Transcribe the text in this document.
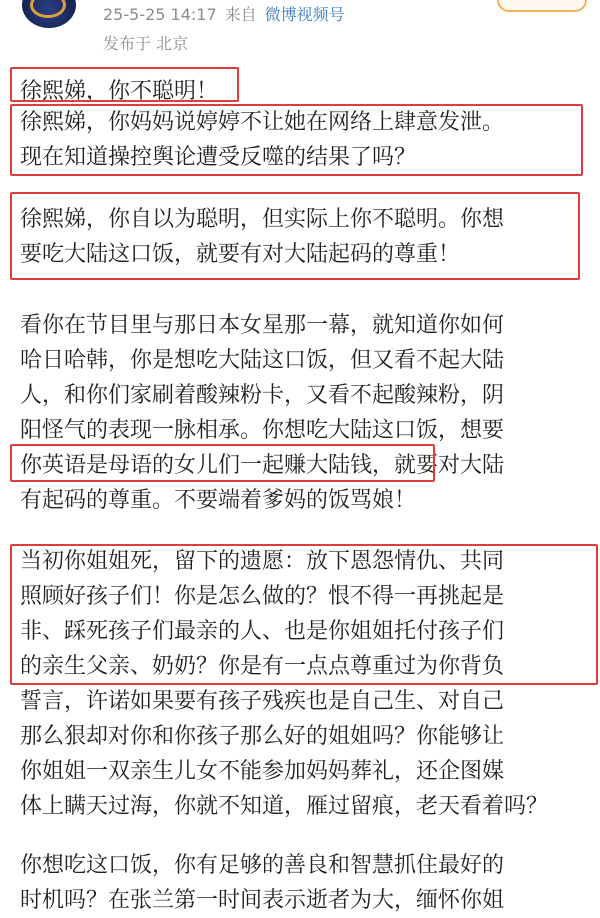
25-5-25 14:17 来自 微博视频号
发布于 北京
徐熙娣，你不聪明！
徐熙娣，你妈妈说婷婷不让她在网络上肆意发泄。
现在知道操控舆论遭受反噬的结果了吗？
徐熙娣，你自以为聪明，但实际上你不聪明。你想
要吃大陆这口饭，就要有对大陆起码的尊重！
看你在节目里与那日本女星那一幕，就知道你如何
哈日哈韩，你是想吃大陆这口饭，但又看不起大陆
人，和你们家刷着酸辣粉卡，又看不起酸辣粉，阴
阳怪气的表现一脉相承。你想吃大陆这口饭，想要
你英语是母语的女儿们一起赚大陆钱，就要对大陆
有起码的尊重。不要端着爹妈的饭骂娘！
当初你姐姐死，留下的遗愿：放下恩怨情仇、共同
照顾好孩子们！你是怎么做的？恨不得一再挑起是
非、踩死孩子们最亲的人、也是你姐姐托付孩子们
的亲生父亲、奶奶？你是有一点点尊重过为你背负
誓言，许诺如果要有孩子残疾也是自己生、对自己
那么狠却对你和你孩子那么好的姐姐吗？你能够让
你姐姐一双亲生儿女不能参加妈妈葬礼，还企图媒
体上瞒天过海，你就不知道，雁过留痕，老天看着吗？
你想吃这口饭，你有足够的善良和智慧抓住最好的
时机吗？在张兰第一时间表示逝者为大，缅怀你姐
